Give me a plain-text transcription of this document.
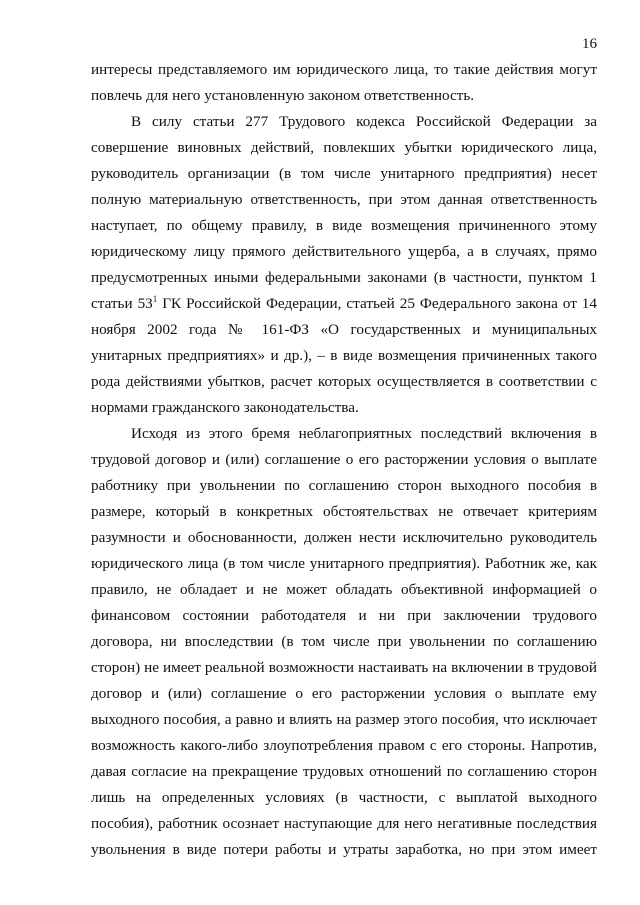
16
интересы представляемого им юридического лица, то такие действия могут
повлечь для него установленную законом ответственность.
В силу статьи 277 Трудового кодекса Российской Федерации за
совершение виновных действий, повлекших убытки юридического лица,
руководитель организации (в том числе унитарного предприятия) несет
полную материальную ответственность, при этом данная ответственность
наступает, по общему правилу, в виде возмещения причиненного этому
юридическому лицу прямого действительного ущерба, а в случаях, прямо
предусмотренных иными федеральными законами (в частности, пунктом 1
статьи $53^1$ ГК Российской Федерации, статьей 25 Федерального закона от 14
ноября 2002 года № 161-ФЗ «О государственных и муниципальных
унитарных предприятиях» и др.), – в виде возмещения причиненных такого
рода действиями убытков, расчет которых осуществляется в соответствии с
нормами гражданского законодательства.
Исходя из этого бремя неблагоприятных последствий включения в
трудовой договор и (или) соглашение о его расторжении условия о выплате
работнику при увольнении по соглашению сторон выходного пособия в
размере, который в конкретных обстоятельствах не отвечает критериям
разумности и обоснованности, должен нести исключительно руководитель
юридического лица (в том числе унитарного предприятия). Работник же, как
правило, не обладает и не может обладать объективной информацией о
финансовом состоянии работодателя и ни при заключении трудового
договора, ни впоследствии (в том числе при увольнении по соглашению
сторон) не имеет реальной возможности настаивать на включении в трудовой
договор и (или) соглашение о его расторжении условия о выплате ему
выходного пособия, а равно и влиять на размер этого пособия, что исключает
возможность какого-либо злоупотребления правом с его стороны. Напротив,
давая согласие на прекращение трудовых отношений по соглашению сторон
лишь на определенных условиях (в частности, с выплатой выходного
пособия), работник осознает наступающие для него негативные последствия
увольнения в виде потери работы и утраты заработка, но при этом имеет
